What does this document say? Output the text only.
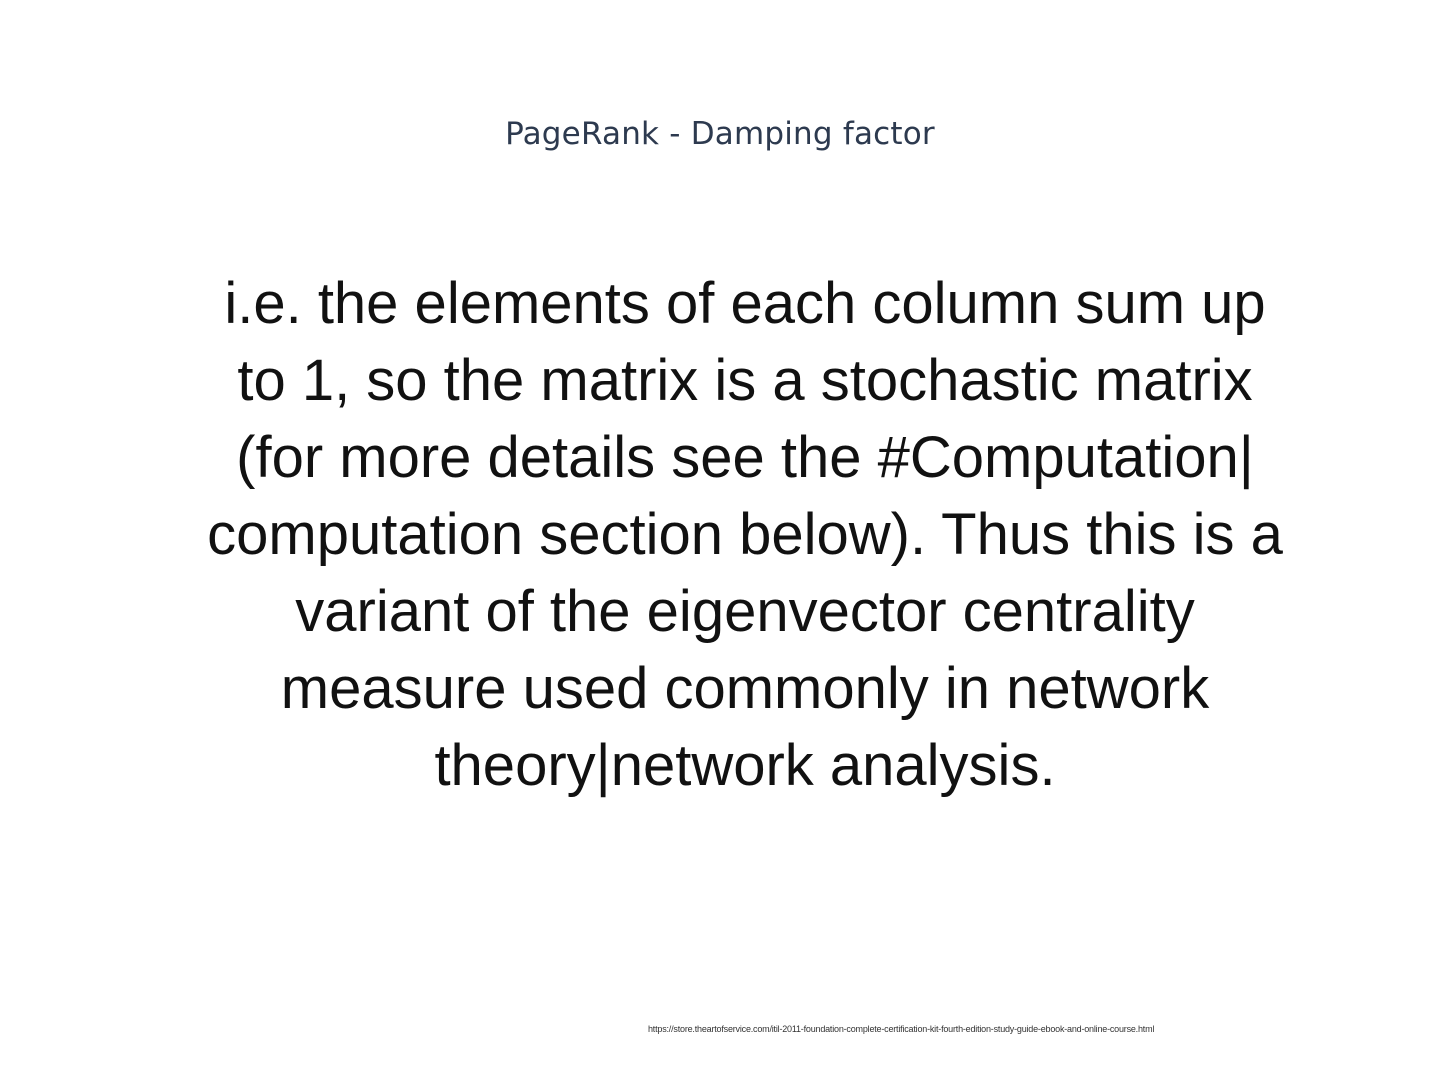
PageRank - Damping factor
i.e. the elements of each column sum up
to 1, so the matrix is a stochastic matrix
(for more details see the #Computation|
computation section below). Thus this is a
variant of the eigenvector centrality
measure used commonly in network
theory|network analysis.
https://store.theartofservice.com/itil-2011-foundation-complete-certification-kit-fourth-edition-study-guide-ebook-and-online-course.html
